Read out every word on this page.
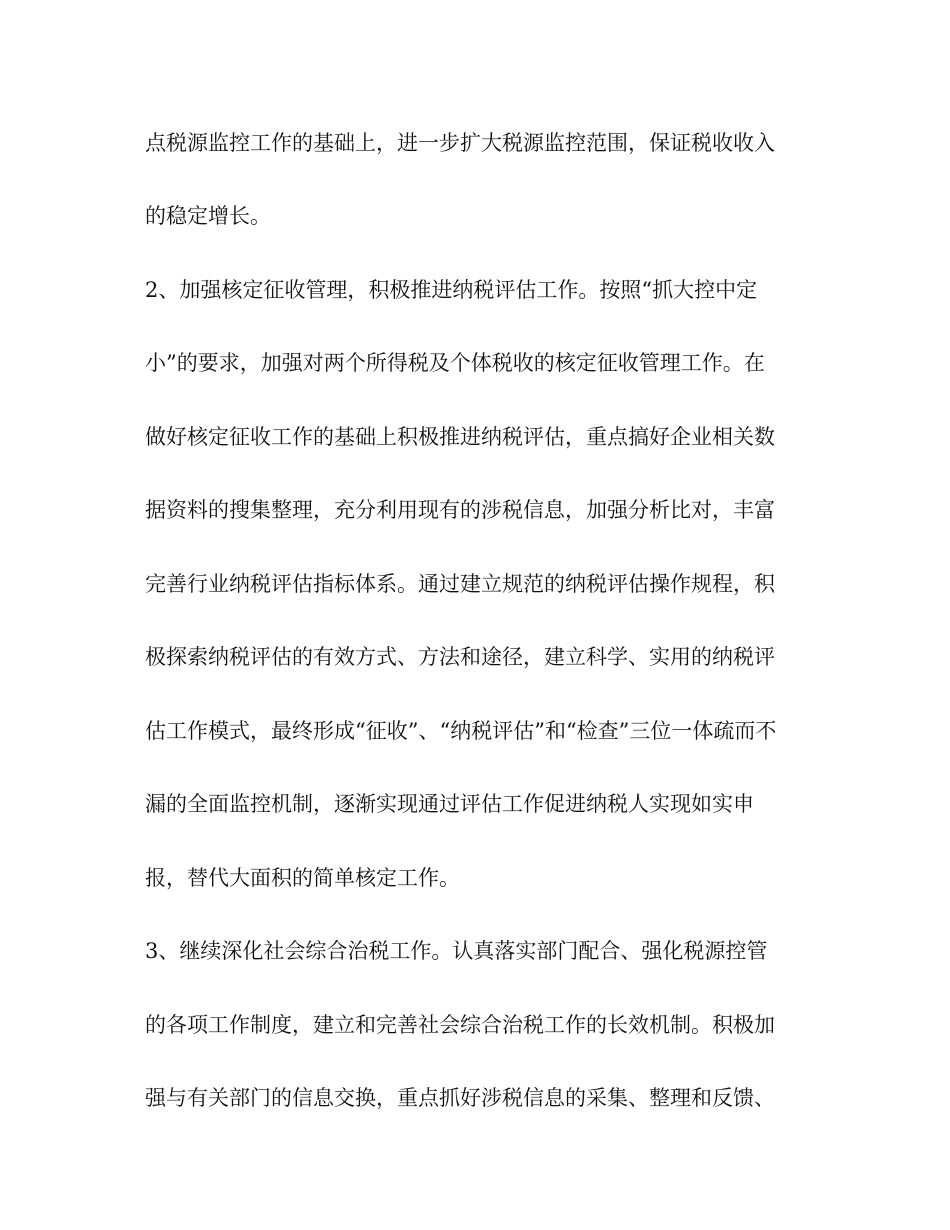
点税源监控工作的基础上，进一步扩大税源监控范围，保证税收收入
的稳定增长。
2、加强核定征收管理，积极推进纳税评估工作。按照“抓大控中定
小”的要求，加强对两个所得税及个体税收的核定征收管理工作。在
做好核定征收工作的基础上积极推进纳税评估，重点搞好企业相关数
据资料的搜集整理，充分利用现有的涉税信息，加强分析比对，丰富
完善行业纳税评估指标体系。通过建立规范的纳税评估操作规程，积
极探索纳税评估的有效方式、方法和途径，建立科学、实用的纳税评
估工作模式，最终形成“征收”、“纳税评估”和“检查”三位一体疏而不
漏的全面监控机制，逐渐实现通过评估工作促进纳税人实现如实申
报，替代大面积的简单核定工作。
3、继续深化社会综合治税工作。认真落实部门配合、强化税源控管
的各项工作制度，建立和完善社会综合治税工作的长效机制。积极加
强与有关部门的信息交换，重点抓好涉税信息的采集、整理和反馈、
